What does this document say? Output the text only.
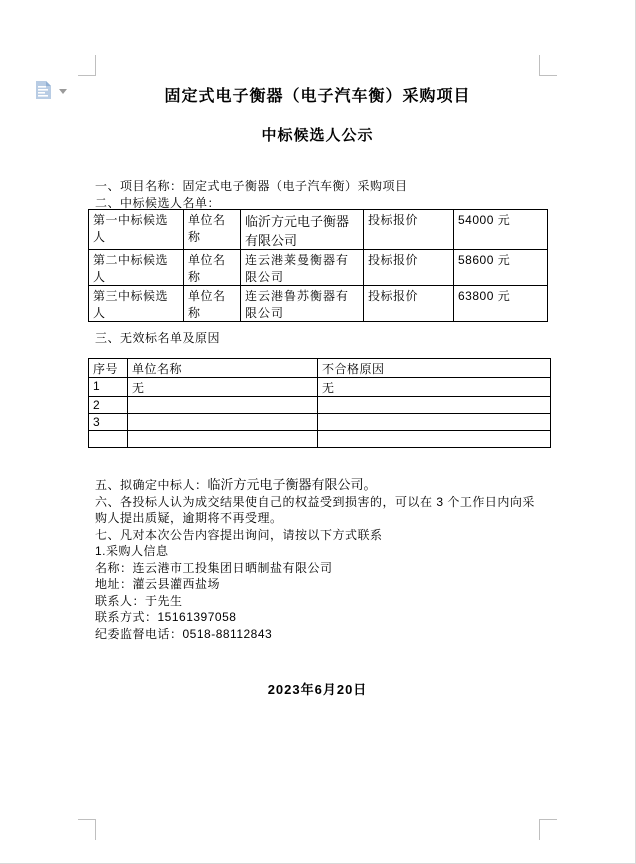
固定式电子衡器（电子汽车衡）采购项目
中标候选人公示
一、项目名称：固定式电子衡器（电子汽车衡）采购项目
二、中标候选人名单：
第一中标候选人	单位名称	临沂方元电子衡器有限公司	投标报价	54000 元
第二中标候选人	单位名称	连云港莱曼衡器有限公司	投标报价	58600 元
第三中标候选人	单位名称	连云港鲁苏衡器有限公司	投标报价	63800 元
三、无效标名单及原因
序号	单位名称	不合格原因
1	无	无
2		
3		

五、拟确定中标人：临沂方元电子衡器有限公司。

六、各投标人认为成交结果使自己的权益受到损害的，可以在 3 个工作日内向采购人提出质疑，逾期将不再受理。

七、凡对本次公告内容提出询问，请按以下方式联系

1.采购人信息

名称：连云港市工投集团日晒制盐有限公司

地址：灌云县灌西盐场

联系人：于先生

联系方式：15161397058

纪委监督电话：0518-88112843

2023年6月20日
